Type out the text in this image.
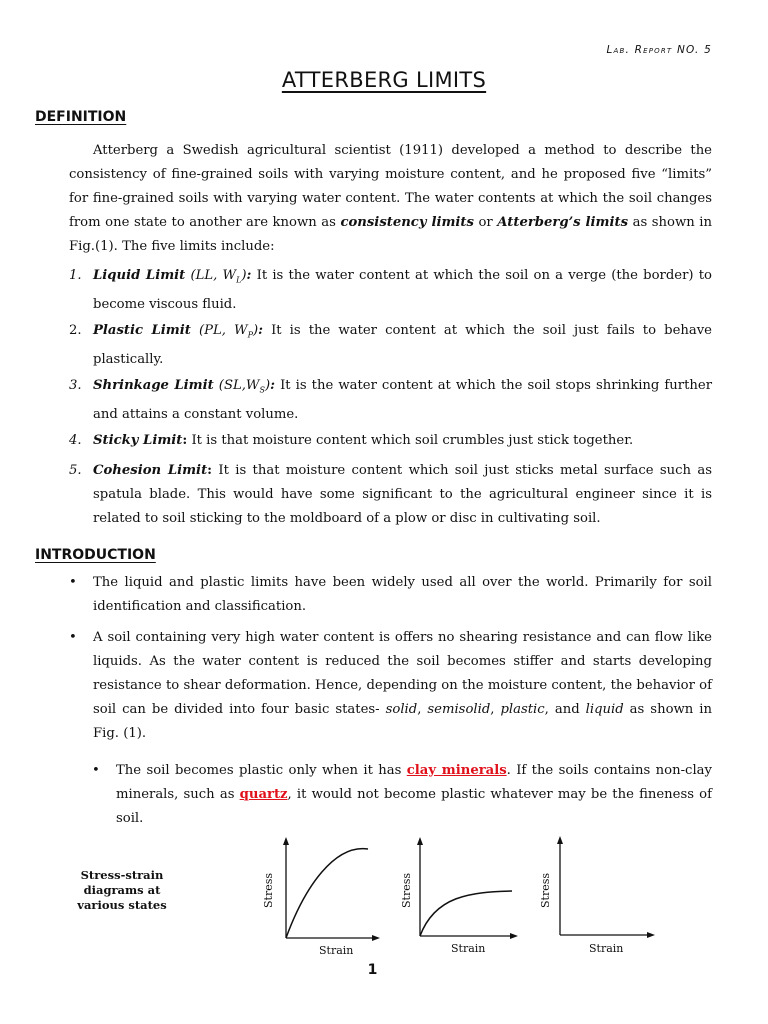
Lab. Report NO. 5
ATTERBERG LIMITS
DEFINITION
Atterberg a Swedish agricultural scientist (1911) developed a method to describe the consistency of fine-grained soils with varying moisture content, and he proposed five “limits” for fine-grained soils with varying water content. The water contents at which the soil changes from one state to another are known as consistency limits or Atterberg’s limits as shown in Fig.(1). The five limits include:
1. Liquid Limit (LL, $W_L$): It is the water content at which the soil on a verge (the border) to become viscous fluid.
2. Plastic Limit (PL, $W_P$): It is the water content at which the soil just fails to behave plastically.
3. Shrinkage Limit $(SL,W_S)$: It is the water content at which the soil stops shrinking further and attains a constant volume.
4. Sticky Limit: It is that moisture content which soil crumbles just stick together.
5. Cohesion Limit: It is that moisture content which soil just sticks metal surface such as spatula blade. This would have some significant to the agricultural engineer since it is related to soil sticking to the moldboard of a plow or disc in cultivating soil.
INTRODUCTION
• The liquid and plastic limits have been widely used all over the world. Primarily for soil identification and classification.
• A soil containing very high water content is offers no shearing resistance and can flow like liquids. As the water content is reduced the soil becomes stiffer and starts developing resistance to shear deformation. Hence, depending on the moisture content, the behavior of soil can be divided into four basic states- solid, semisolid, plastic, and liquid as shown in Fig. (1).
• The soil becomes plastic only when it has clay minerals. If the soils contains non-clay minerals, such as quartz, it would not become plastic whatever may be the fineness of soil.
Stress-strain diagrams at various states	Stress
Strain
Stress
Strain
Stress
Strain
1
